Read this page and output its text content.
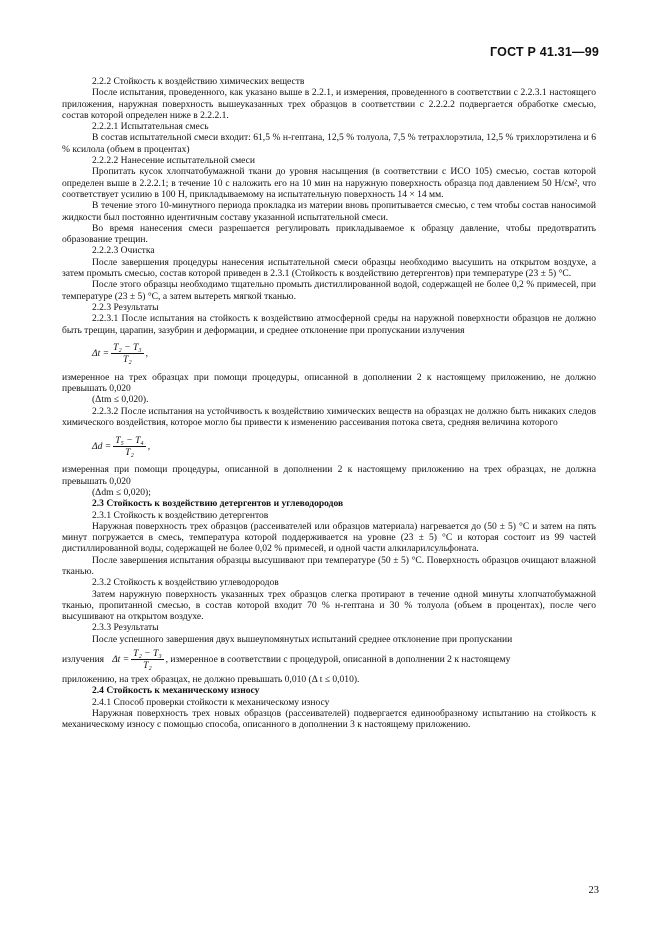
ГОСТ Р 41.31—99

2.2.2 Стойкость к воздействию химических веществ

После испытания, проведенного, как указано выше в 2.2.1, и измерения, проведенного в соответствии с 2.2.3.1 настоящего приложения, наружная поверхность вышеуказанных трех образцов в соответствии с 2.2.2.2 подвергается обработке смесью, состав которой определен ниже в 2.2.2.1.

2.2.2.1 Испытательная смесь

В состав испытательной смеси входит: 61,5 % н-гептана, 12,5 % толуола, 7,5 % тетрахлорэтила, 12,5 % трихлорэтилена и 6 % ксилола (объем в процентах)

2.2.2.2 Нанесение испытательной смеси

Пропитать кусок хлопчатобумажной ткани до уровня насыщения (в соответствии с ИСО 105) смесью, состав которой определен выше в 2.2.2.1; в течение 10 с наложить его на 10 мин на наружную поверхность образца под давлением 50 Н/см², что соответствует усилию в 100 Н, прикладываемому на испытательную поверхность 14 × 14 мм.

В течение этого 10-минутного периода прокладка из материи вновь пропитывается смесью, с тем чтобы состав наносимой жидкости был постоянно идентичным составу указанной испытательной смеси.

Во время нанесения смеси разрешается регулировать прикладываемое к образцу давление, чтобы предотвратить образование трещин.

2.2.2.3 Очистка

После завершения процедуры нанесения испытательной смеси образцы необходимо высушить на открытом воздухе, а затем промыть смесью, состав которой приведен в 2.3.1 (Стойкость к воздействию детергентов) при температуре (23 ± 5) °С.

После этого образцы необходимо тщательно промыть дистиллированной водой, содержащей не более 0,2 % примесей, при температуре (23 ± 5) °С, а затем вытереть мягкой тканью.

2.2.3 Результаты

2.2.3.1 После испытания на стойкость к воздействию атмосферной среды на наружной поверхности образцов не должно быть трещин, царапин, зазубрин и деформации, и среднее отклонение при пропускании излучения

$\Delta t = \frac{\text{T₂ − T₃}}{\text{T₂}}$ ,

измеренное на трех образцах при помощи процедуры, описанной в дополнении 2 к настоящему приложению, не должно превышать 0,020

(Δtm ≤ 0,020).

2.2.3.2 После испытания на устойчивость к воздействию химических веществ на образцах не должно быть никаких следов химического воздействия, которое могло бы привести к изменению рассеивания потока света, средняя величина которого

$\Delta d = \frac{\text{T₅ − T₄}}{\text{T₂}}$ ,

измеренная при помощи процедуры, описанной в дополнении 2 к настоящему приложению на трех образцах, не должна превышать 0,020

(Δdm ≤ 0,020);

2.3 Стойкость к воздействию детергентов и углеводородов

2.3.1 Стойкость к воздействию детергентов

Наружная поверхность трех образцов (рассеивателей или образцов материала) нагревается до (50 ± 5) °С и затем на пять минут погружается в смесь, температура которой поддерживается на уровне (23 ± 5) °С и которая состоит из 99 частей дистиллированной воды, содержащей не более 0,02 % примесей, и одной части алкиларилсульфоната.

После завершения испытания образцы высушивают при температуре (50 ± 5) °С. Поверхность образцов очищают влажной тканью.

2.3.2 Стойкость к воздействию углеводородов

Затем наружную поверхность указанных трех образцов слегка протирают в течение одной минуты хлопчатобумажной тканью, пропитанной смесью, в состав которой входит 70 % н-гептана и 30 % толуола (объем в процентах), после чего высушивают на открытом воздухе.

2.3.3 Результаты

После успешного завершения двух вышеупомянутых испытаний среднее отклонение при пропускании

излучения $\Delta t = \frac{\text{T₂ − T₃}}{\text{T₂}}$ , измеренное в соответствии с процедурой, описанной в дополнении 2 к настоящему

приложению, на трех образцах, не должно превышать 0,010 (Δ t ≤ 0,010).

2.4 Стойкость к механическому износу

2.4.1 Способ проверки стойкости к механическому износу

Наружная поверхность трех новых образцов (рассеивателей) подвергается единообразному испытанию на стойкость к механическому износу с помощью способа, описанного в дополнении 3 к настоящему приложению.

23
